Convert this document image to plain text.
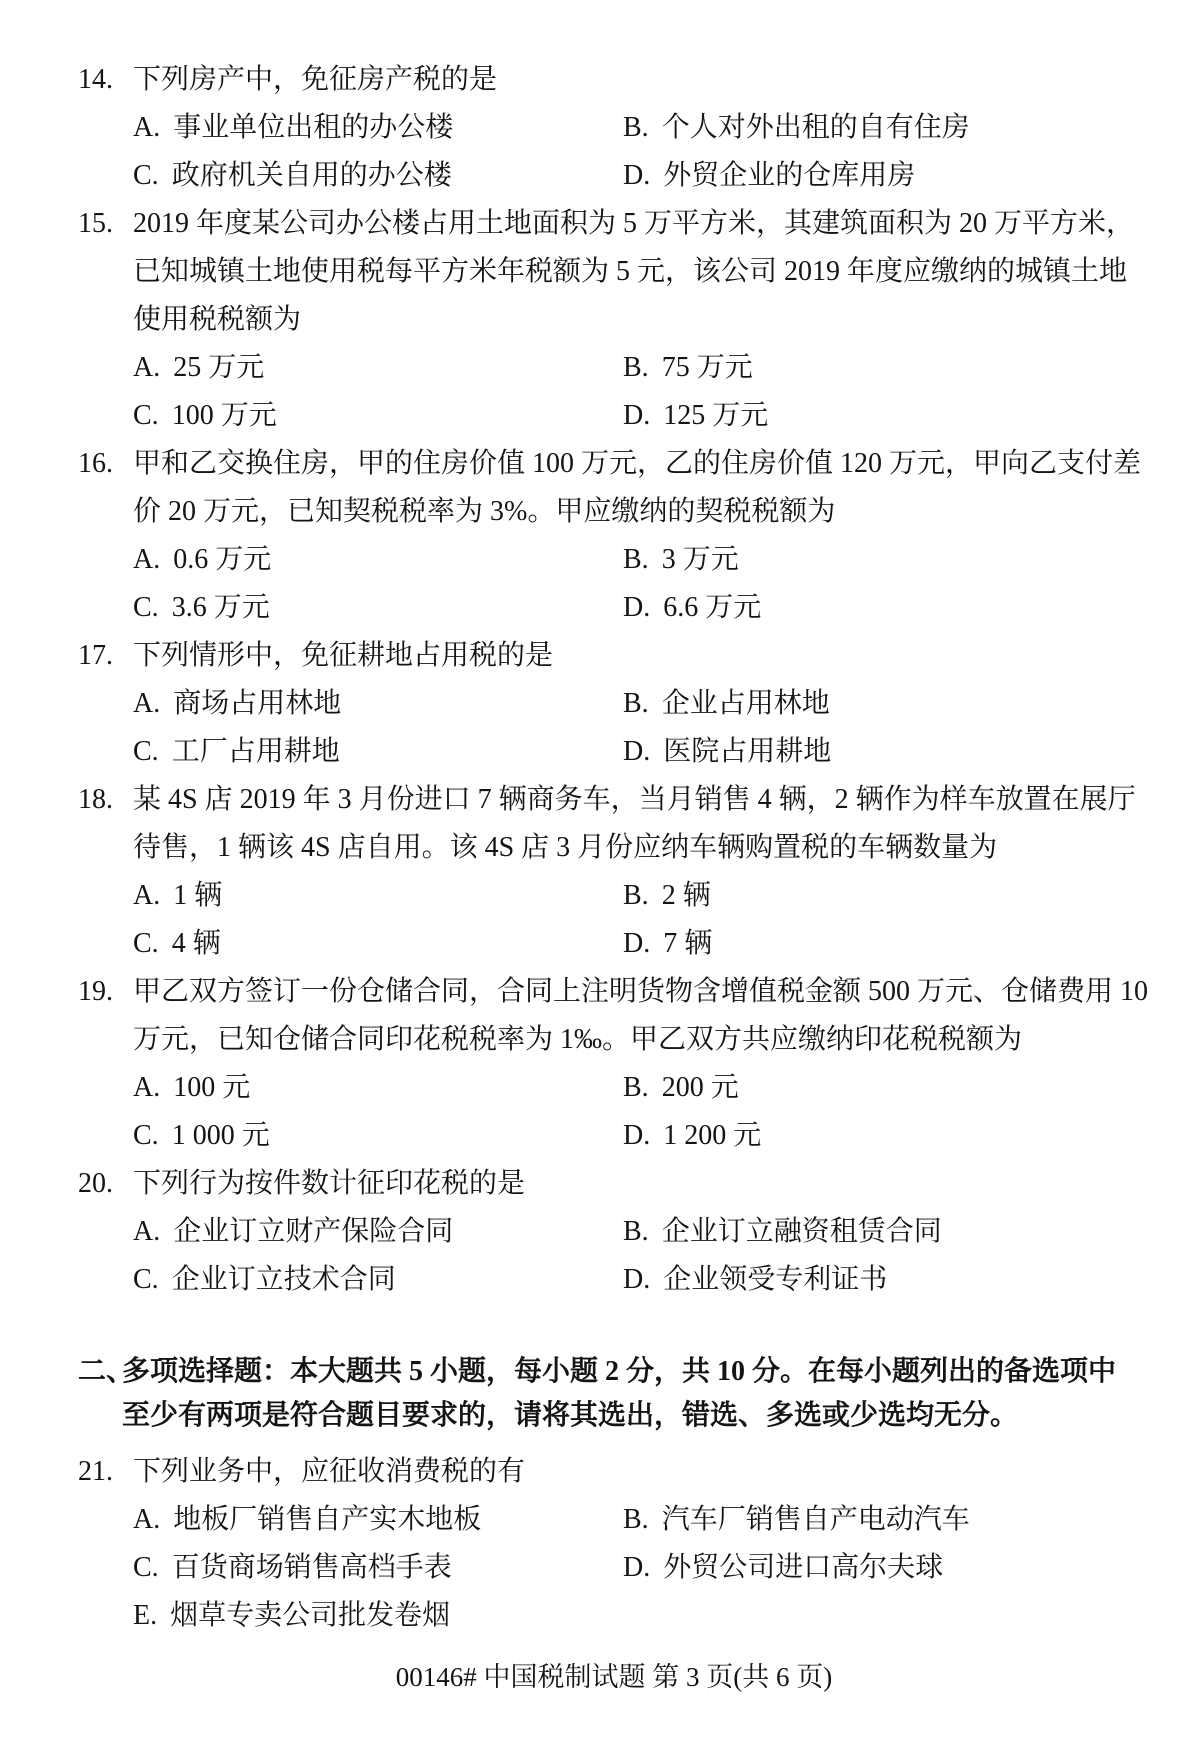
14. 下列房产中，免征房产税的是
A. 事业单位出租的办公楼	B. 个人对外出租的自有住房
C. 政府机关自用的办公楼	D. 外贸企业的仓库用房
15. 2019 年度某公司办公楼占用土地面积为 5 万平方米，其建筑面积为 20 万平方米，
已知城镇土地使用税每平方米年税额为 5 元，该公司 2019 年度应缴纳的城镇土地
使用税税额为
A. 25 万元	B. 75 万元
C. 100 万元	D. 125 万元
16. 甲和乙交换住房，甲的住房价值 100 万元，乙的住房价值 120 万元，甲向乙支付差
价 20 万元，已知契税税率为 3%。甲应缴纳的契税税额为
A. 0.6 万元	B. 3 万元
C. 3.6 万元	D. 6.6 万元
17. 下列情形中，免征耕地占用税的是
A. 商场占用林地	B. 企业占用林地
C. 工厂占用耕地	D. 医院占用耕地
18. 某 4S 店 2019 年 3 月份进口 7 辆商务车，当月销售 4 辆，2 辆作为样车放置在展厅
待售，1 辆该 4S 店自用。该 4S 店 3 月份应纳车辆购置税的车辆数量为
A. 1 辆	B. 2 辆
C. 4 辆	D. 7 辆
19. 甲乙双方签订一份仓储合同，合同上注明货物含增值税金额 500 万元、仓储费用 10
万元，已知仓储合同印花税税率为 1‰。甲乙双方共应缴纳印花税税额为
A. 100 元	B. 200 元
C. 1 000 元	D. 1 200 元
20. 下列行为按件数计征印花税的是
A. 企业订立财产保险合同	B. 企业订立融资租赁合同
C. 企业订立技术合同	D. 企业领受专利证书
二、
多项选择题：本大题共 5 小题，每小题 2 分，共 10 分。在每小题列出的备选项中
至少有两项是符合题目要求的，请将其选出，错选、多选或少选均无分。
21. 下列业务中，应征收消费税的有
A. 地板厂销售自产实木地板	B. 汽车厂销售自产电动汽车
C. 百货商场销售高档手表	D. 外贸公司进口高尔夫球
E. 烟草专卖公司批发卷烟
00146# 中国税制试题 第 3 页(共 6 页)
